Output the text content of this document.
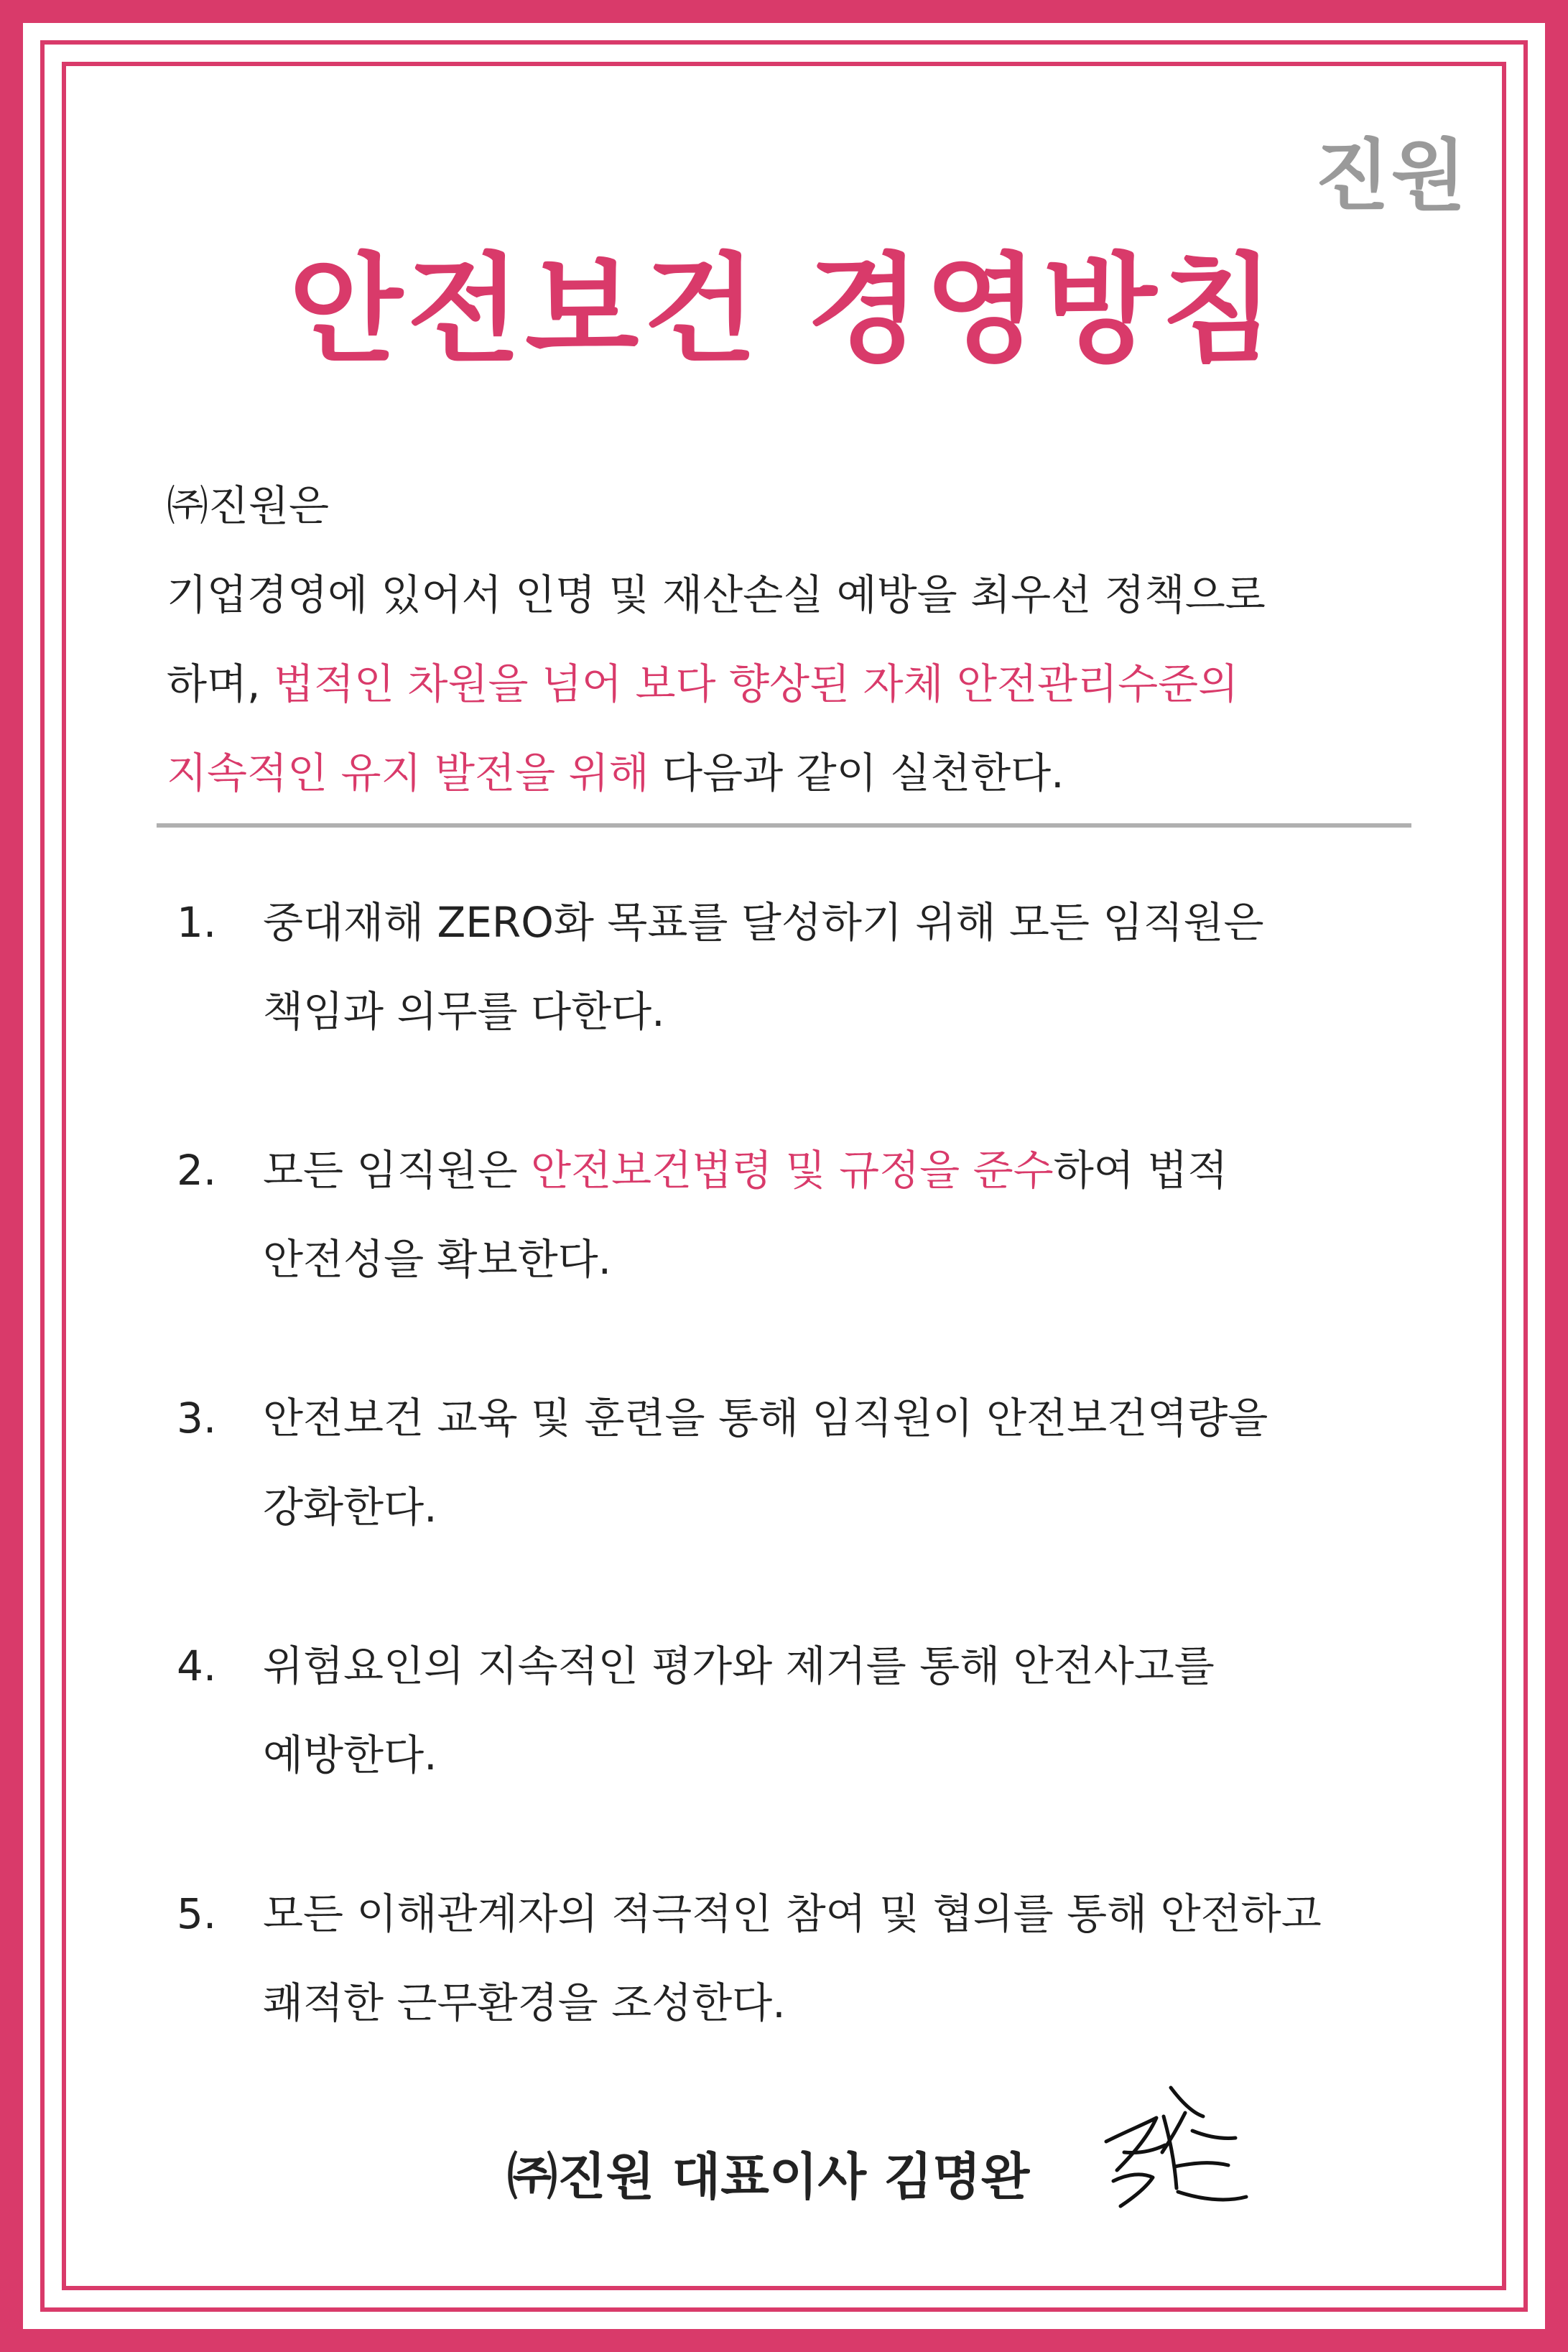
진원
안전보건 경영방침
㈜진원은
기업경영에 있어서 인명 및 재산손실 예방을 최우선 정책으로
하며, 법적인 차원을 넘어 보다 향상된 자체 안전관리수준의
지속적인 유지 발전을 위해 다음과 같이 실천한다.
1. 중대재해 ZERO화 목표를 달성하기 위해 모든 임직원은
책임과 의무를 다한다.
2. 모든 임직원은 안전보건법령 및 규정을 준수하여 법적
안전성을 확보한다.
3. 안전보건 교육 및 훈련을 통해 임직원이 안전보건역량을
강화한다.
4. 위험요인의 지속적인 평가와 제거를 통해 안전사고를
예방한다.
5. 모든 이해관계자의 적극적인 참여 및 협의를 통해 안전하고
쾌적한 근무환경을 조성한다.
㈜진원 대표이사 김명완
